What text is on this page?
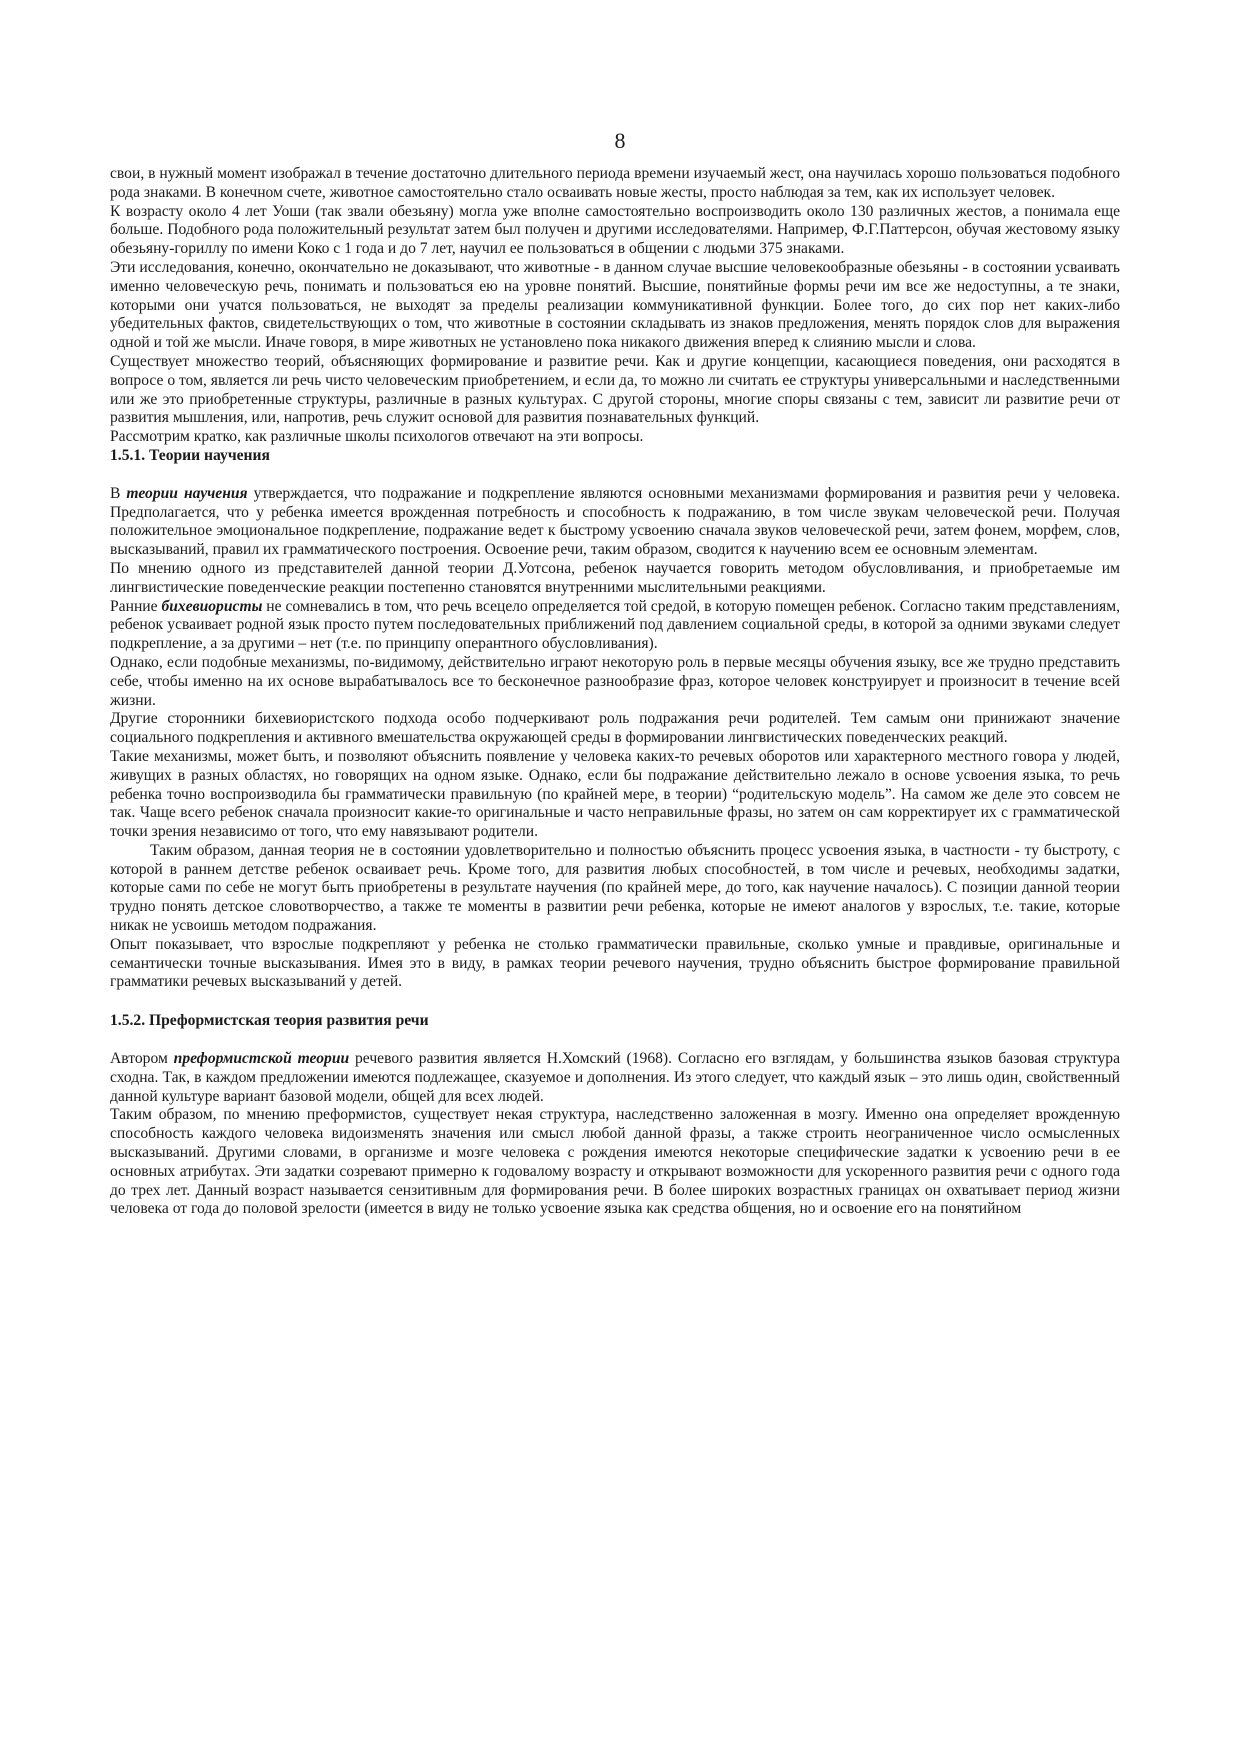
8

свои, в нужный момент изображал в течение достаточно длительного периода времени изучаемый жест, она научилась хорошо пользоваться подобного рода знаками. В конечном счете, животное самостоятельно стало осваивать новые жесты, просто наблюдая за тем, как их использует человек.

К возрасту около 4 лет Уоши (так звали обезьяну) могла уже вполне самостоятельно воспроизводить около 130 различных жестов, а понимала еще больше. Подобного рода положительный результат затем был получен и другими исследователями. Например, Ф.Г.Паттерсон, обучая жестовому языку обезьяну-гориллу по имени Коко с 1 года и до 7 лет, научил ее пользоваться в общении с людьми 375 знаками.

Эти исследования, конечно, окончательно не доказывают, что животные - в данном случае высшие человекообразные обезьяны - в состоянии усваивать именно человеческую речь, понимать и пользоваться ею на уровне понятий. Высшие, понятийные формы речи им все же недоступны, а те знаки, которыми они учатся пользоваться, не выходят за пределы реализации коммуникативной функции. Более того, до сих пор нет каких-либо убедительных фактов, свидетельствующих о том, что животные в состоянии складывать из знаков предложения, менять порядок слов для выражения одной и той же мысли. Иначе говоря, в мире животных не установлено пока никакого движения вперед к слиянию мысли и слова.

Существует множество теорий, объясняющих формирование и развитие речи. Как и другие концепции, касающиеся поведения, они расходятся в вопросе о том, является ли речь чисто человеческим приобретением, и если да, то можно ли считать ее структуры универсальными и наследственными или же это приобретенные структуры, различные в разных культурах. С другой стороны, многие споры связаны с тем, зависит ли развитие речи от развития мышления, или, напротив, речь служит основой для развития познавательных функций.

Рассмотрим кратко, как различные школы психологов отвечают на эти вопросы.

1.5.1. Теории научения

В теории научения утверждается, что подражание и подкрепление являются основными механизмами формирования и развития речи у человека. Предполагается, что у ребенка имеется врожденная потребность и способность к подражанию, в том числе звукам человеческой речи. Получая положительное эмоциональное подкрепление, подражание ведет к быстрому усвоению сначала звуков человеческой речи, затем фонем, морфем, слов, высказываний, правил их грамматического построения. Освоение речи, таким образом, сводится к научению всем ее основным элементам.

По мнению одного из представителей данной теории Д.Уотсона, ребенок научается говорить методом обусловливания, и приобретаемые им лингвистические поведенческие реакции постепенно становятся внутренними мыслительными реакциями.

Ранние бихевиористы не сомневались в том, что речь всецело определяется той средой, в которую помещен ребенок. Согласно таким представлениям, ребенок усваивает родной язык просто путем последовательных приближений под давлением социальной среды, в которой за одними звуками следует подкрепление, а за другими – нет (т.е. по принципу оперантного обусловливания).

Однако, если подобные механизмы, по-видимому, действительно играют некоторую роль в первые месяцы обучения языку, все же трудно представить себе, чтобы именно на их основе вырабатывалось все то бесконечное разнообразие фраз, которое человек конструирует и произносит в течение всей жизни.

Другие сторонники бихевиористского подхода особо подчеркивают роль подражания речи родителей. Тем самым они принижают значение социального подкрепления и активного вмешательства окружающей среды в формировании лингвистических поведенческих реакций.

Такие механизмы, может быть, и позволяют объяснить появление у человека каких-то речевых оборотов или характерного местного говора у людей, живущих в разных областях, но говорящих на одном языке. Однако, если бы подражание действительно лежало в основе усвоения языка, то речь ребенка точно воспроизводила бы грамматически правильную (по крайней мере, в теории) “родительскую модель”. На самом же деле это совсем не так. Чаще всего ребенок сначала произносит какие-то оригинальные и часто неправильные фразы, но затем он сам корректирует их с грамматической точки зрения независимо от того, что ему навязывают родители.

Таким образом, данная теория не в состоянии удовлетворительно и полностью объяснить процесс усвоения языка, в частности - ту быстроту, с которой в раннем детстве ребенок осваивает речь. Кроме того, для развития любых способностей, в том числе и речевых, необходимы задатки, которые сами по себе не могут быть приобретены в результате научения (по крайней мере, до того, как научение началось). С позиции данной теории трудно понять детское словотворчество, а также те моменты в развитии речи ребенка, которые не имеют аналогов у взрослых, т.е. такие, которые никак не усвоишь методом подражания.

Опыт показывает, что взрослые подкрепляют у ребенка не столько грамматически правильные, сколько умные и правдивые, оригинальные и семантически точные высказывания. Имея это в виду, в рамках теории речевого научения, трудно объяснить быстрое формирование правильной грамматики речевых высказываний у детей.

1.5.2. Преформистская теория развития речи

Автором преформистской теории речевого развития является Н.Хомский (1968). Согласно его взглядам, у большинства языков базовая структура сходна. Так, в каждом предложении имеются подлежащее, сказуемое и дополнения. Из этого следует, что каждый язык – это лишь один, свойственный данной культуре вариант базовой модели, общей для всех людей.

Таким образом, по мнению преформистов, существует некая структура, наследственно заложенная в мозгу. Именно она определяет врожденную способность каждого человека видоизменять значения или смысл любой данной фразы, а также строить неограниченное число осмысленных высказываний. Другими словами, в организме и мозге человека с рождения имеются некоторые специфические задатки к усвоению речи в ее основных атрибутах. Эти задатки созревают примерно к годовалому возрасту и открывают возможности для ускоренного развития речи с одного года до трех лет. Данный возраст называется сензитивным для формирования речи. В более широких возрастных границах он охватывает период жизни человека от года до половой зрелости (имеется в виду не только усвоение языка как средства общения, но и освоение его на понятийном
